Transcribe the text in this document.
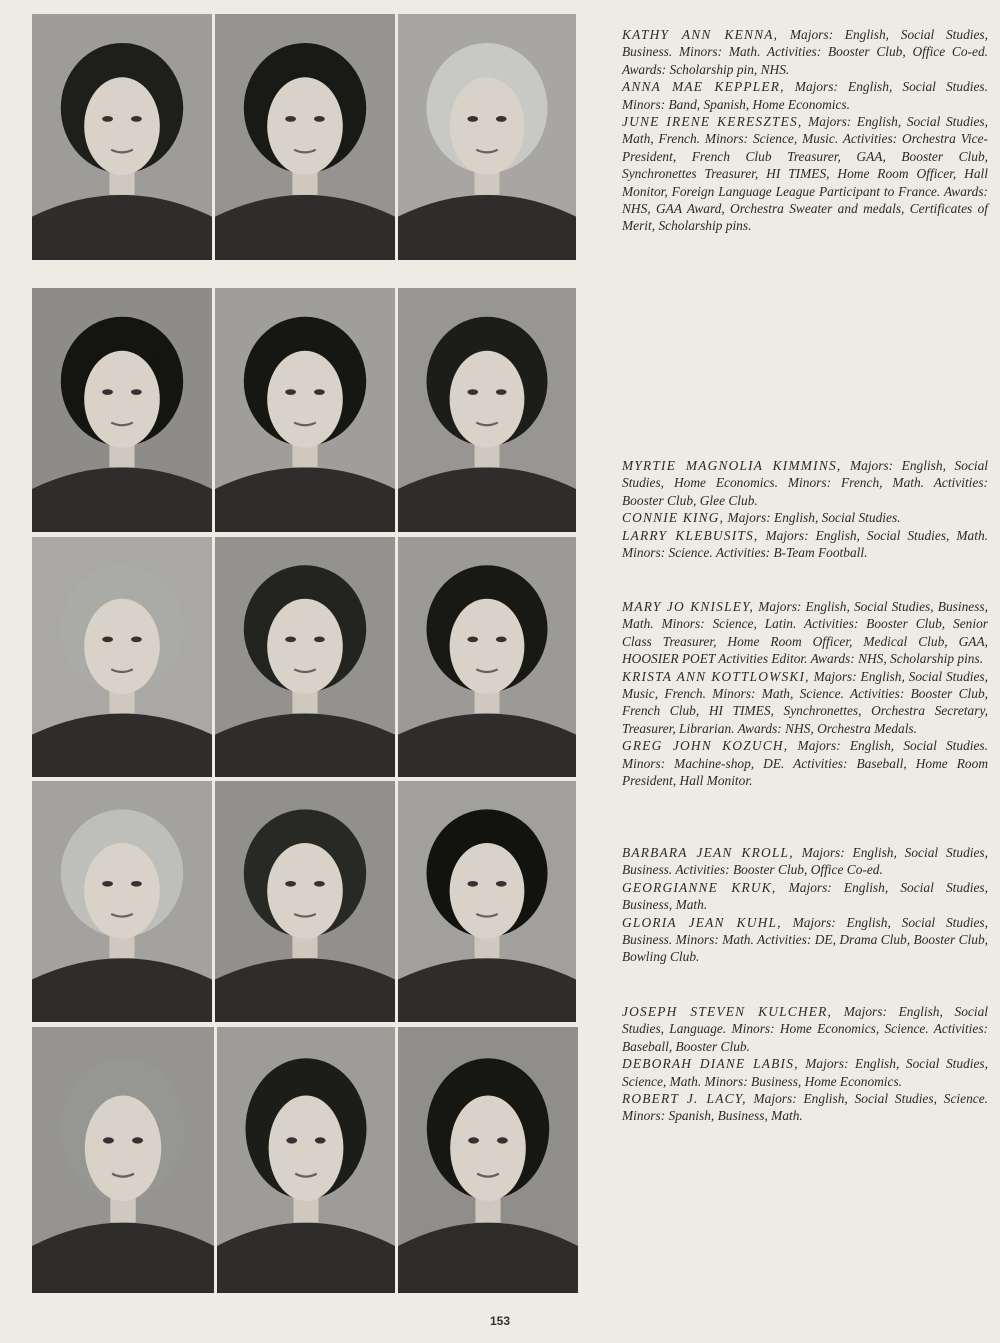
KATHY ANN KENNA, Majors: English, Social Studies, Business. Minors: Math. Activities: Booster Club, Office Co-ed. Awards: Scholarship pin, NHS.

ANNA MAE KEPPLER, Majors: English, Social Studies. Minors: Band, Spanish, Home Economics.

JUNE IRENE KERESZTES, Majors: English, Social Studies, Math, French. Minors: Science, Music. Activities: Orchestra Vice-President, French Club Treasurer, GAA, Booster Club, Synchronettes Treasurer, HI TIMES, Home Room Officer, Hall Monitor, Foreign Language League Participant to France. Awards: NHS, GAA Award, Orchestra Sweater and medals, Certificates of Merit, Scholarship pins.

MYRTIE MAGNOLIA KIMMINS, Majors: English, Social Studies, Home Economics. Minors: French, Math. Activities: Booster Club, Glee Club.

CONNIE KING, Majors: English, Social Studies.

LARRY KLEBUSITS, Majors: English, Social Studies, Math. Minors: Science. Activities: B-Team Football.

MARY JO KNISLEY, Majors: English, Social Studies, Business, Math. Minors: Science, Latin. Activities: Booster Club, Senior Class Treasurer, Home Room Officer, Medical Club, GAA, HOOSIER POET Activities Editor. Awards: NHS, Scholarship pins.

KRISTA ANN KOTTLOWSKI, Majors: English, Social Studies, Music, French. Minors: Math, Science. Activities: Booster Club, French Club, HI TIMES, Synchronettes, Orchestra Secretary, Treasurer, Librarian. Awards: NHS, Orchestra Medals.

GREG JOHN KOZUCH, Majors: English, Social Studies. Minors: Machine-shop, DE. Activities: Baseball, Home Room President, Hall Monitor.

BARBARA JEAN KROLL, Majors: English, Social Studies, Business. Activities: Booster Club, Office Co-ed.

GEORGIANNE KRUK, Majors: English, Social Studies, Business, Math.

GLORIA JEAN KUHL, Majors: English, Social Studies, Business. Minors: Math. Activities: DE, Drama Club, Booster Club, Bowling Club.

JOSEPH STEVEN KULCHER, Majors: English, Social Studies, Language. Minors: Home Economics, Science. Activities: Baseball, Booster Club.

DEBORAH DIANE LABIS, Majors: English, Social Studies, Science, Math. Minors: Business, Home Economics.

ROBERT J. LACY, Majors: English, Social Studies, Science. Minors: Spanish, Business, Math.

153
